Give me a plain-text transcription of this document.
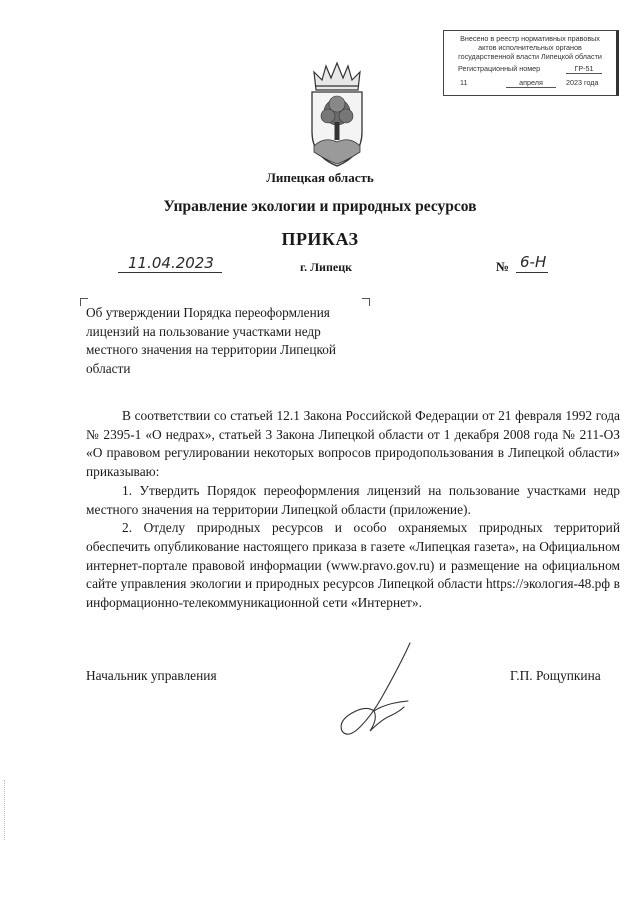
Внесено в реестр нормативных правовых
актов исполнительных органов
государственной власти Липецкой области
Регистрационный номер	ГР-51
11	апреля	2023 года
Липецкая область
Управление экологии и природных ресурсов
ПРИКАЗ
11.04.2023	г. Липецк	№ 6-Н
Об утверждении Порядка переоформления лицензий на пользование участками недр местного значения на территории Липецкой области

В соответствии со статьей 12.1 Закона Российской Федерации от 21 февраля 1992 года № 2395-1 «О недрах», статьей 3 Закона Липецкой области от 1 декабря 2008 года № 211-ОЗ «О правовом регулировании некоторых вопросов природопользования в Липецкой области» приказываю:

1. Утвердить Порядок переоформления лицензий на пользование участками недр местного значения на территории Липецкой области (приложение).

2. Отделу природных ресурсов и особо охраняемых природных территорий обеспечить опубликование настоящего приказа в газете «Липецкая газета», на Официальном интернет-портале правовой информации (www.pravo.gov.ru) и размещение на официальном сайте управления экологии и природных ресурсов Липецкой области https://экология-48.рф в информационно-телекоммуникационной сети «Интернет».

Начальник управления	Г.П. Рощупкина
